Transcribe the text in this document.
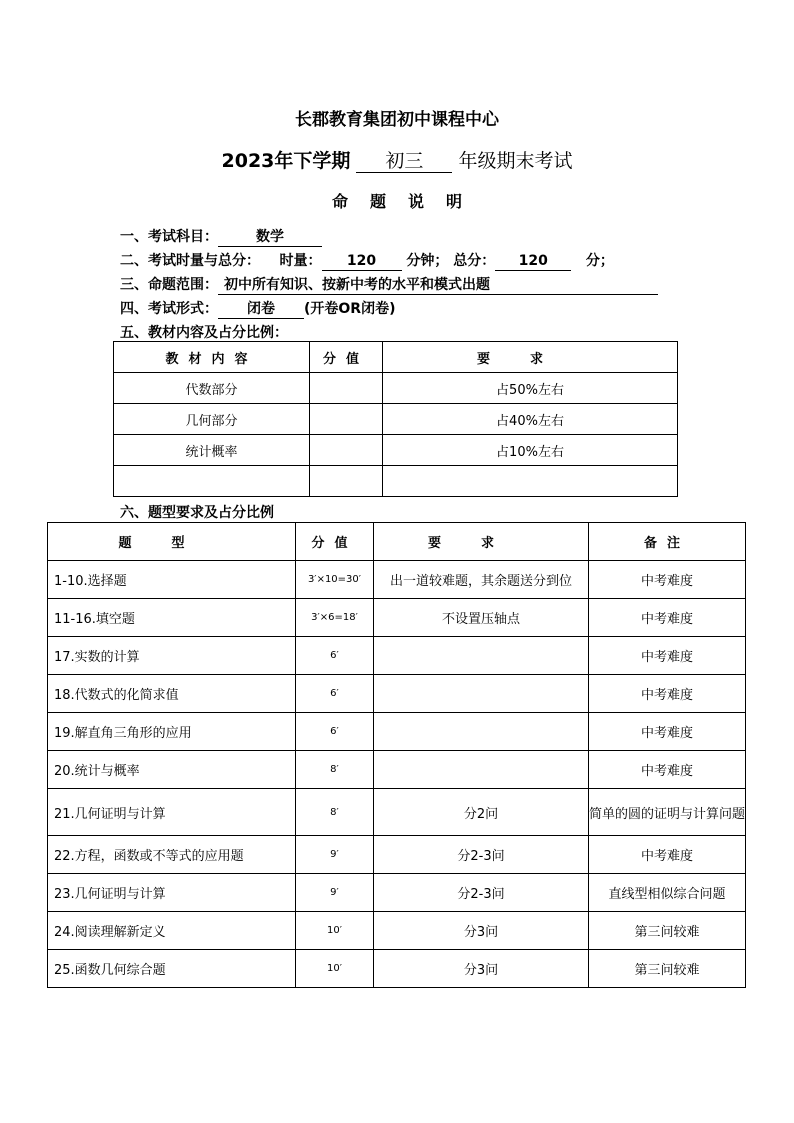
长郡教育集团初中课程中心
2023年下学期 初三 年级期末考试
命题说明
一、考试科目：	数学
二、考试时量与总分： 时量： 120 分钟； 总分： 120	分；
三、命题范围： 初中所有知识、按新中考的水平和模式出题
四、考试形式： 闭卷 (开卷OR闭卷)
五、教材内容及占分比例：
教材内容	分值	要求
代数部分		占50%左右
几何部分		占40%左右
统计概率		占10%左右

六、题型要求及占分比例
题型	分值	要求	备注
1-10.选择题	3′×10=30′	出一道较难题，其余题送分到位	中考难度
11-16.填空题	3′×6=18′	不设置压轴点	中考难度
17.实数的计算	6′		中考难度
18.代数式的化简求值	6′		中考难度
19.解直角三角形的应用	6′		中考难度
20.统计与概率	8′		中考难度
21.几何证明与计算	8′	分2问	简单的圆的证明与计算问题
22.方程，函数或不等式的应用题	9′	分2-3问	中考难度
23.几何证明与计算	9′	分2-3问	直线型相似综合问题
24.阅读理解新定义	10′	分3问	第三问较难
25.函数几何综合题	10′	分3问	第三问较难
